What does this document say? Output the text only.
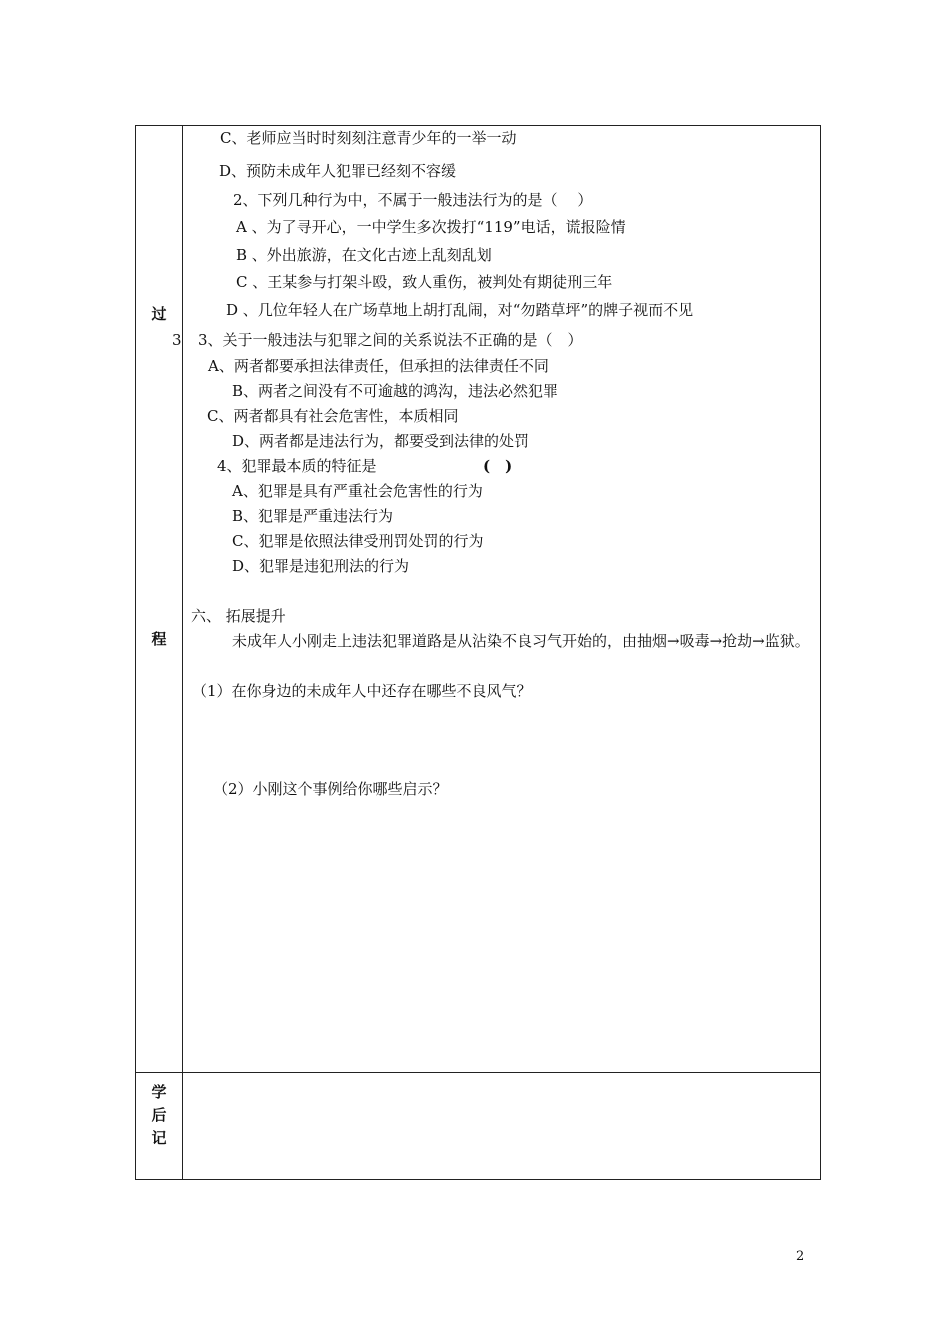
过
程
学
后
记
C、老师应当时时刻刻注意青少年的一举一动
D、预防未成年人犯罪已经刻不容缓
2、下列几种行为中，不属于一般违法行为的是（　 ）
A 、为了寻开心，一中学生多次拨打“119”电话，谎报险情
B 、外出旅游，在文化古迹上乱刻乱划
C 、王某参与打架斗殴，致人重伤，被判处有期徒刑三年
D 、几位年轻人在广场草地上胡打乱闹，对“勿踏草坪”的牌子视而不见
3 3、关于一般违法与犯罪之间的关系说法不正确的是（　）
A、两者都要承担法律责任，但承担的法律责任不同
B、两者之间没有不可逾越的鸿沟，违法必然犯罪
C、两者都具有社会危害性，本质相同
D、两者都是违法行为，都要受到法律的处罚
4、犯罪最本质的特征是	(　)
A、犯罪是具有严重社会危害性的行为
B、犯罪是严重违法行为
C、犯罪是依照法律受刑罚处罚的行为
D、犯罪是违犯刑法的行为
六、 拓展提升
未成年人小刚走上违法犯罪道路是从沾染不良习气开始的，由抽烟→吸毒→抢劫→监狱。
（1）在你身边的未成年人中还存在哪些不良风气？
（2）小刚这个事例给你哪些启示？
2
